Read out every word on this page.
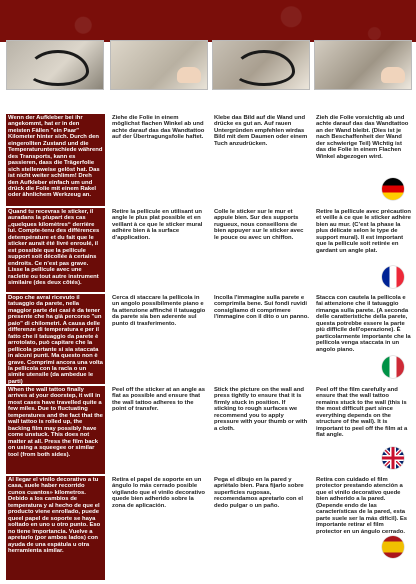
Wenn der Aufkleber bei ihr angekommt, hat er in den meisten Fällen "ein Paar" Kilometer hinter sich. Durch den eingerollten Zustand und die Temperaturunterschiede während des Transports, kann es passieren, dass die Trägerfolie sich stellenweise gelöst hat. Das ist nicht weiter schlimm! Dreh den Aufkleber einfach um und drück die Folie mit einem Rakel oder ähnlichem Werkzeug an.
Ziehe die Folie in einem möglichst flachen Winkel ab und achte darauf das das Wandtattoo auf der Übertragungsfolie haftet.
Klebe das Bild auf die Wand und drücke es gut an. Auf rauen Untergründen empfehlen wirdas Bild mit dem Daumen oder einem Tuch anzudrücken.
Zieh die Folie vorsichtig ab und achte darauf das das Wandtattoo an der Wand bleibt. (Dies ist je nach Beschaffenheit der Wand der schwierige Teil) Wichtig ist das die Folie in einem Flachen Winkel abgezogen wird.
Quand tu recevras le sticker, il auradans la plupart des cas „quelques kilomètres“ derrière lui. Compte-tenu des différences detempérature et du fait que le sticker aurait été livré enroulé, il est possible que la pellicule support soit décollée à certains endroits. Ce n’est pas grave. Lisse la pellicule avec une raclette ou tout autre instrument similaire (des deux côtés).
Retire la pellicule en utilisant un angle le plus plat possible et en veillant à ce que le sticker mural adhère bien à la surface d’application.
Colle le sticker sur le mur et appuie bien. Sur des supports rugueux, nous conseillons de bien appuyer sur le sticker avec le pouce ou avec un chiffon.
Retire la pellicule avec précaution et veille à ce que le sticker adhère bien au mur. (C’est la phase la plus délicate selon le type de support mural). Il est important que la pellicule soit retirée en gardant un angle plat.
Dopo che avrai ricevuto il tatuaggio da parete, nella maggior parte dei casi è da tener presente che ha già percorso "un paio" di chilometri. A causa delle differenze di temperatura e per il fatto che il tatuaggio da parete è arrotolato, può capitare che la pellicola portante si sia staccata in alcuni punti. Ma questo non è grave. Comprimi ancora una volta la pellicola con la racla o un simile utensile (da ambedue le parti)
Cerca di staccare la pellicola in un angolo possibilmente piano e fa attenzione affinché il tatuaggio da parete sia ben aderente sul punto di trasferimento.
Incolla l'immagine sulla parete e comprimila bene. Sui fondi ruvidi consigliamo di comprimere l'immagine con il dito o un panno.
Stacca con cautela la pellicola e fai attenzione che il tatuaggio rimanga sulla parete. (A seconda delle caratteristiche della parete, questa potrebbe essere la parte più difficile dell'operazione). È particolarmente importante che la pellicola venga staccata in un angolo piano.
When the wall tattoo finally arrives at your doorstep, it will in most cases have travelled quite a few miles. Due to fluctuating temperatures and the fact that the wall tattoo is rolled up, the backing film may possibly have come unstuck. This does not matter at all. Press the film back on using a squeegee or similar tool (from both sides).
Peel off the sticker at an angle as flat as possible and ensure that the wall tattoo adheres to the point of transfer.
Stick the picture on the wall and press tightly to ensure that it is firmly stuck in position. If sticking to rough surfaces we recommend you to apply pressure with your thumb or with a cloth.
Peel off the film carefully and ensure that the wall tattoo remains stuck to the wall (this is the most difficult part since everything depends on the structure of the wall). It is important to peel off the film at a flat angle.
Al llegar el vinilo decorativo a tu casa, suele haber recorrido cunos cuantos» kilometros. Debido a los cambios de temperatura y al hecho de que el producto viene enrollado, puede queel papel de soporte se haya soltado en uno u otro punto. Eso no tiene importancia. Vuelve a apretarlo (por ambos lados) con ayuda de una espátula u otra herramienta similar.
Retira el papel de soporte en un ángulo lo más cerrado posible vigilando que el vinilo decorativo quede bien adherido sobre la zona de aplicación.
Pega el dibujo en la pared y apriétalo bien. Para fijarlo sobre superficies rugosas, recomendamos apretarlo con el dedo pulgar o un paño.
Retira con cuidado el film protector prestando atención a que el vinilo decorativo quede bien adherido a la pared. (Depende endo de las características de la pared, esta parte suele ser la más difícil). Es importante retirar el film protector en un ángulo cerrado.
